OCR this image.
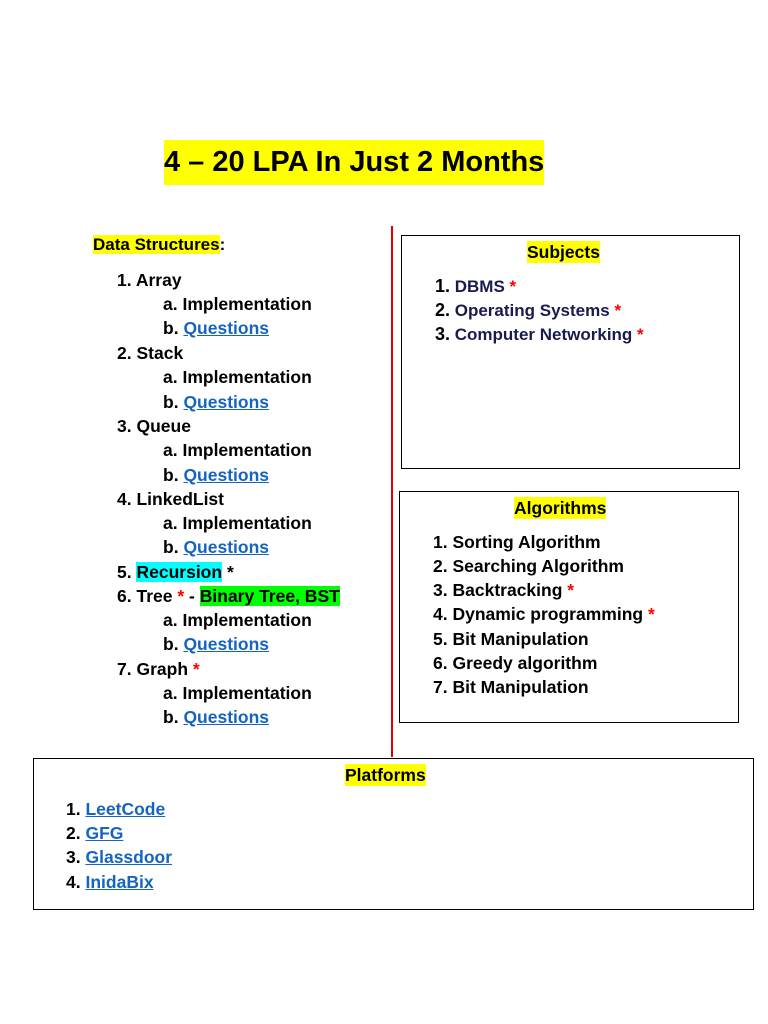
4 – 20 LPA In Just 2 Months
Data Structures:
1. Array
a. Implementation
b. Questions
2. Stack
a. Implementation
b. Questions
3. Queue
a. Implementation
b. Questions
4. LinkedList
a. Implementation
b. Questions
5. Recursion *
6. Tree * - Binary Tree, BST
a. Implementation
b. Questions
7. Graph *
a. Implementation
b. Questions
Subjects
1. DBMS *
2. Operating Systems *
3. Computer Networking *
Algorithms
1. Sorting Algorithm
2. Searching Algorithm
3. Backtracking *
4. Dynamic programming *
5. Bit Manipulation
6. Greedy algorithm
7. Bit Manipulation
Platforms
1. LeetCode
2. GFG
3. Glassdoor
4. InidaBix
